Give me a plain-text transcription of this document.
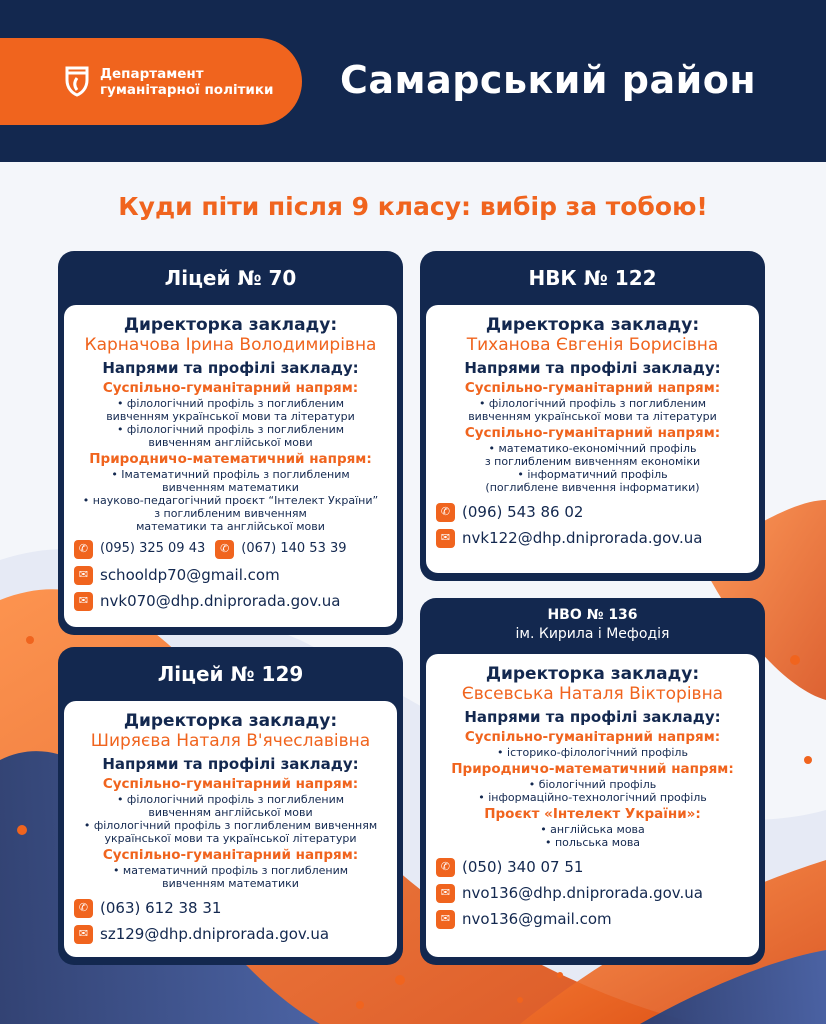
Департамент
гуманітарної політики Самарський район
Куди піти після 9 класу: вибір за тобою!
Ліцей № 70
Директорка закладу:
Карначова Ірина Володимирівна
Напрями та профілі закладу:
Суспільно-гуманітарний напрям:
• філологічний профіль з поглибленим
вивченням української мови та літератури
• філологічний профіль з поглибленим
вивченням англійської мови
Природничо-математичний напрям:
• Іматематичний профіль з поглибленим
вивченням математики
• науково-педагогічний проєкт “Інтелект України”
з поглибленим вивченням
математики та англійської мови
✆ (095) 325 09 43	✆ (067) 140 53 39
✉ schooldp70@gmail.com
✉ nvk070@dhp.dniprorada.gov.ua
НВК № 122
Директорка закладу:
Тиханова Євгенія Борисівна
Напрями та профілі закладу:
Суспільно-гуманітарний напрям:
• філологічний профіль з поглибленим
вивченням української мови та літератури
Суспільно-гуманітарний напрям:
• математико-економічний профіль
з поглибленим вивченням економіки
• інформатичний профіль
(поглиблене вивчення інформатики)
✆ (096) 543 86 02
✉ nvk122@dhp.dniprorada.gov.ua
Ліцей № 129
Директорка закладу:
Ширяєва Наталя В'ячеславівна
Напрями та профілі закладу:
Суспільно-гуманітарний напрям:
• філологічний профіль з поглибленим
вивченням англійської мови
• філологічний профіль з поглибленим вивченням
української мови та української літератури
Суспільно-гуманітарний напрям:
• математичний профіль з поглибленим
вивченням математики
✆ (063) 612 38 31
✉ sz129@dhp.dniprorada.gov.ua
НВО № 136
ім. Кирила і Мефодія
Директорка закладу:
Євсевська Наталя Вікторівна
Напрями та профілі закладу:
Суспільно-гуманітарний напрям:
• історико-філологічний профіль
Природничо-математичний напрям:
• біологічний профіль
• інформаційно-технологічний профіль
Проєкт «Інтелект України»:
• англійська мова
• польська мова
✆ (050) 340 07 51
✉ nvo136@dhp.dniprorada.gov.ua
✉ nvo136@gmail.com
